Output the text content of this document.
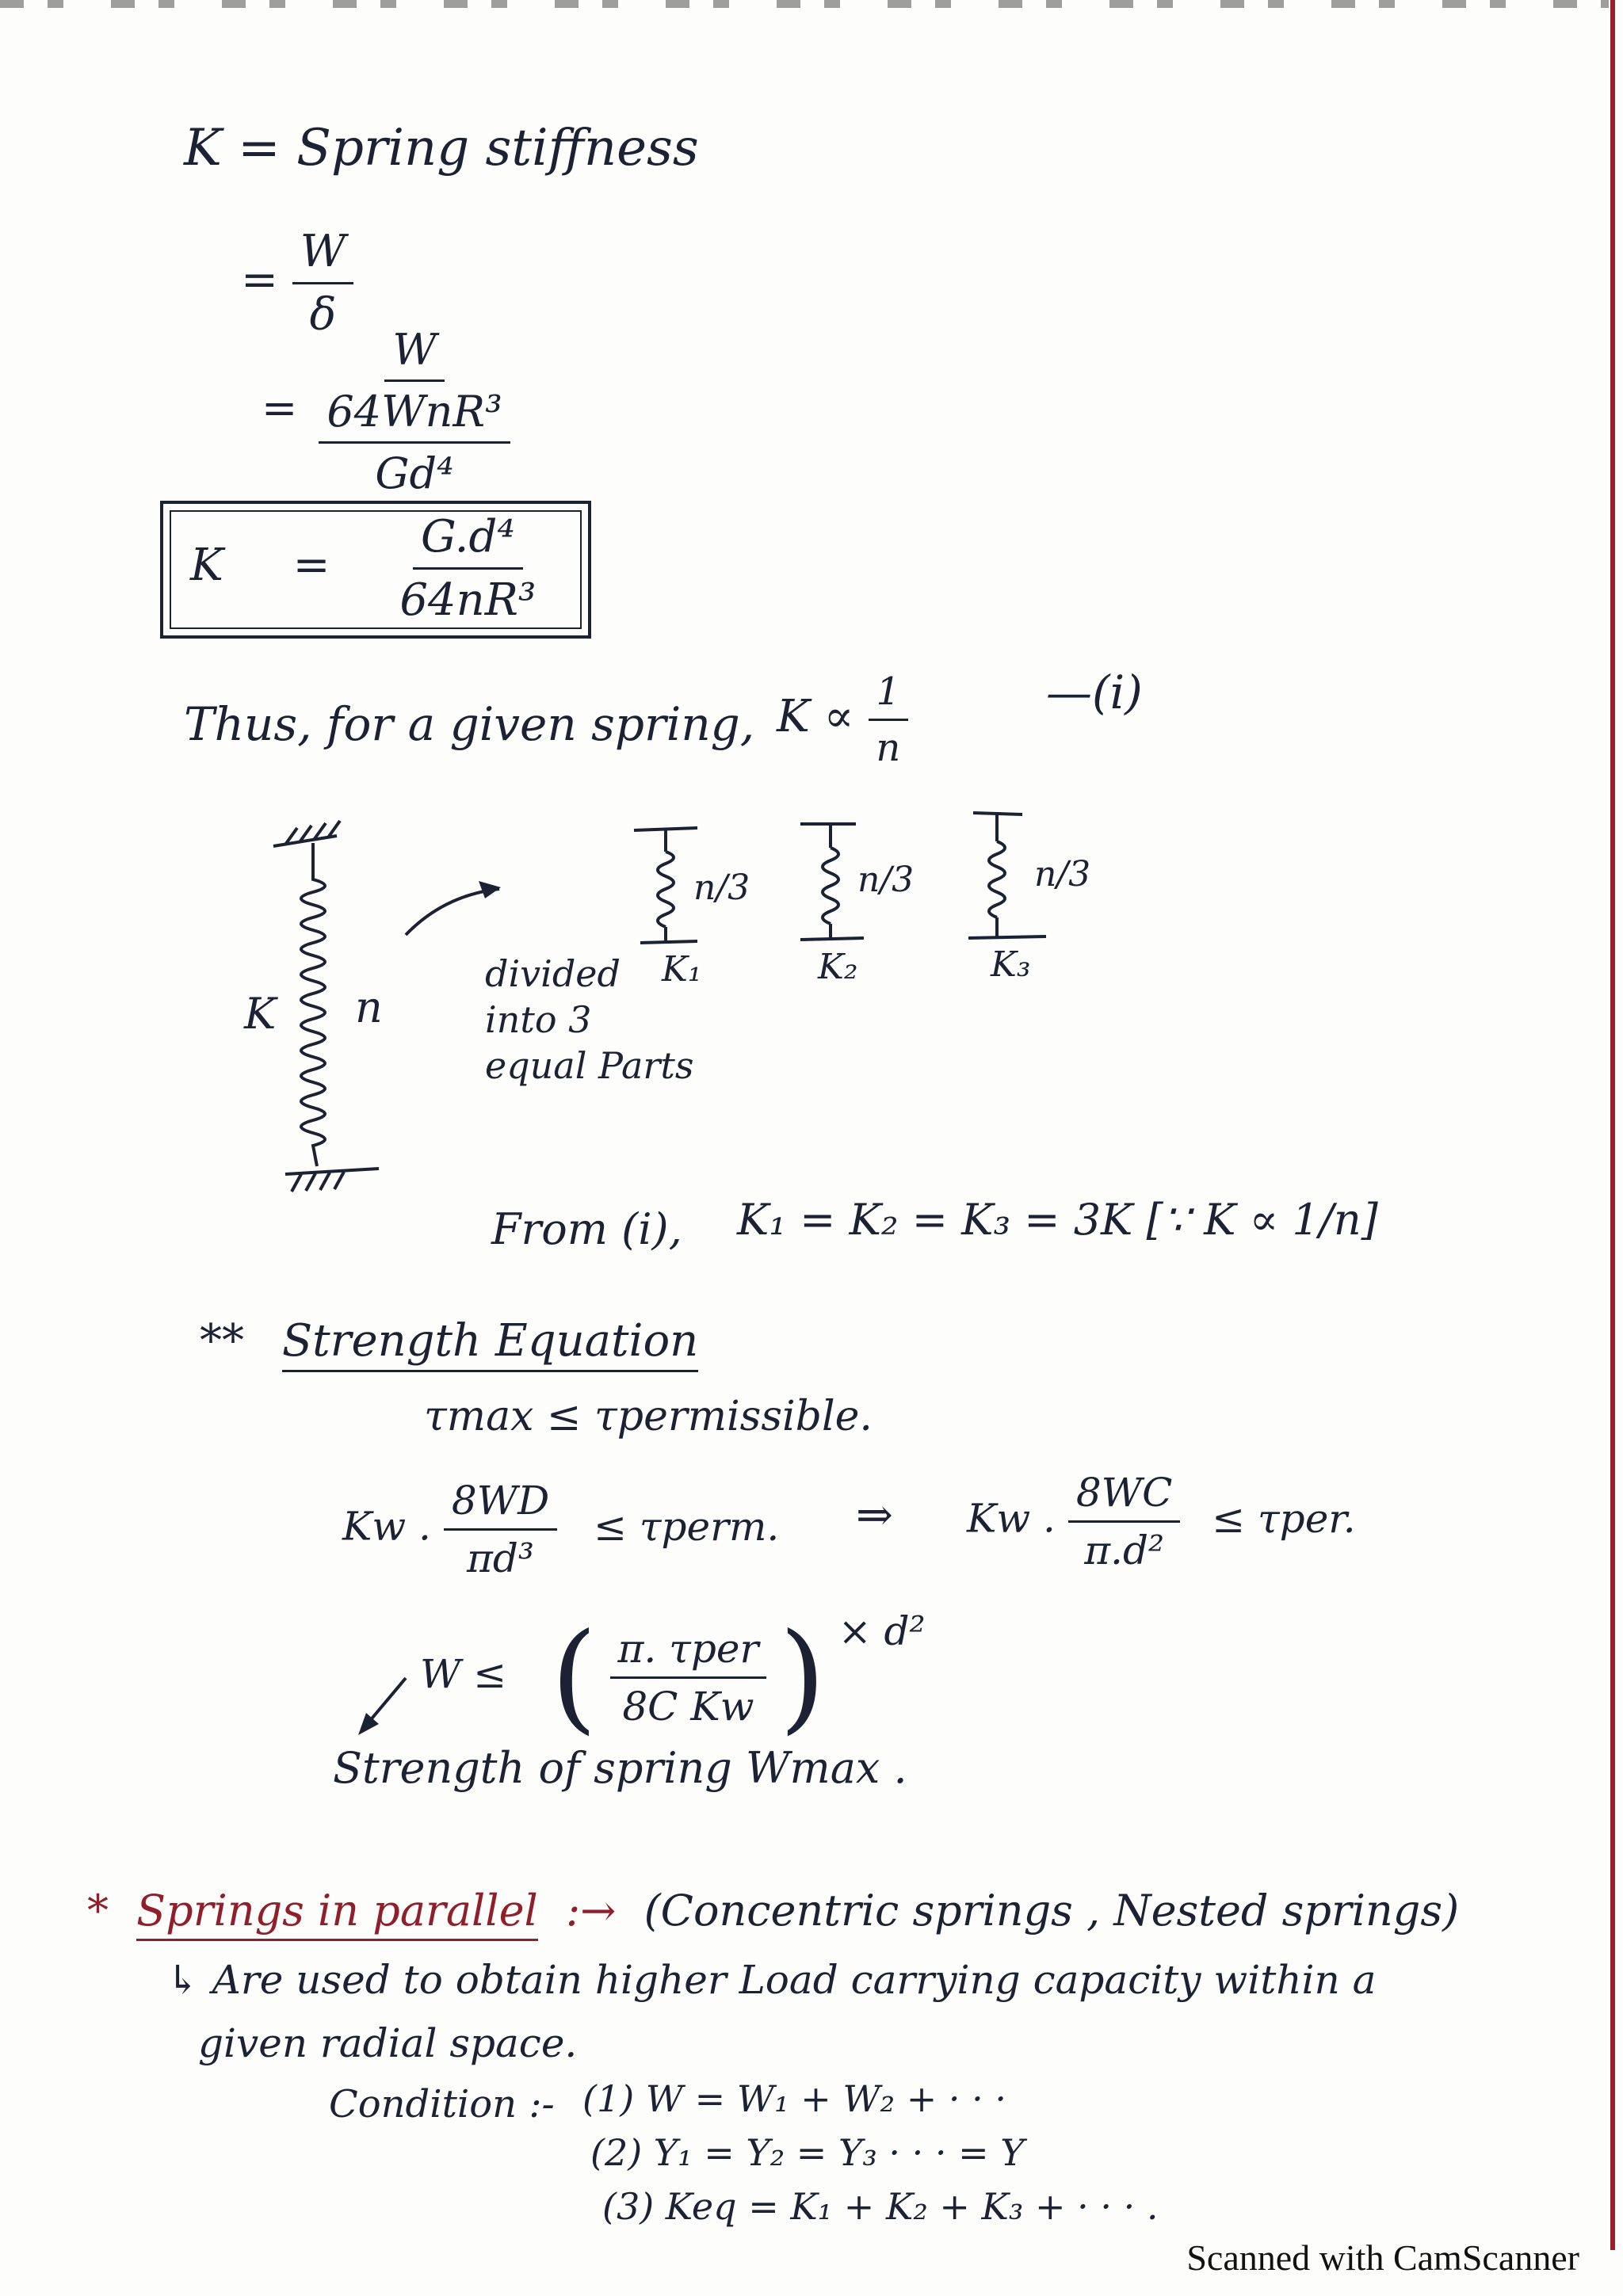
K = Spring stiffness
= $\frac{W}{\delta}$
= $\frac{W}{\frac{\text{64WnR³}}{\text{Gd⁴}}}$
$K = \frac{\text{G.d⁴}}{\text{64nR³}}$
Thus, for a given spring, $K \propto \frac{1}{n}$	—(i)
K n
divided
into 3
equal Parts
n/3
K₁
n/3
K₂
n/3
K₃
From (i), K₁ = K₂ = K₃ = 3K [∵ K ∝ 1/n]
** Strength Equation
τmax ≤ τpermissible.
Kw . $\frac{8WD}{\text{πd³}}$ ≤ τperm. ⇒ Kw . $\frac{8WC}{\text{π.d²}} \le \tau per$.
W ≤ ( $\frac{\text{π. τper}}{\text{8C Kw}}$ ) × d²
Strength of spring Wmax .
* Springs in parallel :→ (Concentric springs , Nested springs)
↳ Are used to obtain higher Load carrying capacity within a
given radial space.
Condition :- (1) W = W₁ + W₂ + · · ·
(2) Y₁ = Y₂ = Y₃ · · · = Y
(3) Keq = K₁ + K₂ + K₃ + · · · .
Scanned with CamScanner
